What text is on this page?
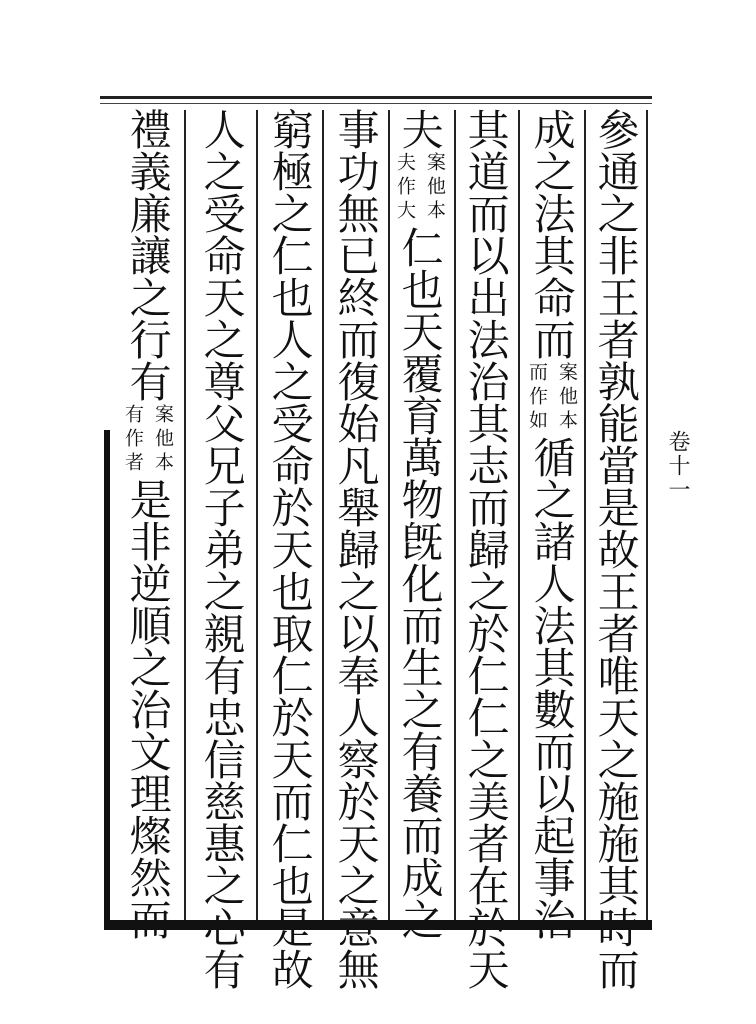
卷十一
參通之非王者孰能當是故王者唯天之施施其時而
成之法其命而
案他本
而作如
循之諸人法其數而以起事治
其道而以出法治其志而歸之於仁仁之美者在於天
夫
案他本
夫作大
仁也天覆育萬物旣化而生之有養而成之
事功無已終而復始凡舉歸之以奉人察於天之意無
窮極之仁也人之受命於天也取仁於天而仁也是故
人之受命天之尊父兄子弟之親有忠信慈惠之心有
禮義廉讓之行有
案他本
有作者
是非逆順之治文理燦然而
